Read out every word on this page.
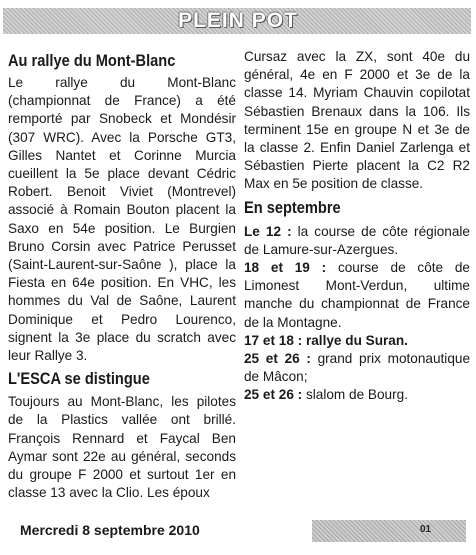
PLEIN POT
Au rallye du Mont-Blanc

Le rallye du Mont-Blanc (championnat de France) a été remporté par Snobeck et Mondésir (307 WRC). Avec la Porsche GT3, Gilles Nantet et Corinne Murcia cueillent la 5e place devant Cédric Robert. Benoit Viviet (Montrevel) associé à Romain Bouton placent la Saxo en 54e position. Le Burgien Bruno Corsin avec Patrice Perusset (Saint-Laurent-sur-Saône ), place la Fiesta en 64e position. En VHC, les hommes du Val de Saône, Laurent Dominique et Pedro Lourenco, signent la 3e place du scratch avec leur Rallye 3.

L'ESCA se distingue

Toujours au Mont-Blanc, les pilotes de la Plastics vallée ont brillé. François Rennard et Faycal Ben Aymar sont 22e au général, seconds du groupe F 2000 et surtout 1er en classe 13 avec la Clio. Les époux

Cursaz avec la ZX, sont 40e du général, 4e en F 2000 et 3e de la classe 14. Myriam Chauvin copilotat Sébastien Brenaux dans la 106. Ils terminent 15e en groupe N et 3e de la classe 2. Enfin Daniel Zarlenga et Sébastien Pierte placent la C2 R2 Max en 5e position de classe.
En septembre

Le 12 : la course de côte régionale de Lamure-sur-Azergues.

18 et 19 : course de côte de Limonest Mont-Verdun, ultime manche du championnat de France de la Montagne.

17 et 18 : rallye du Suran.

25 et 26 : grand prix motonautique de Mâcon;

25 et 26 : slalom de Bourg.

Mercredi 8 septembre 2010	01
